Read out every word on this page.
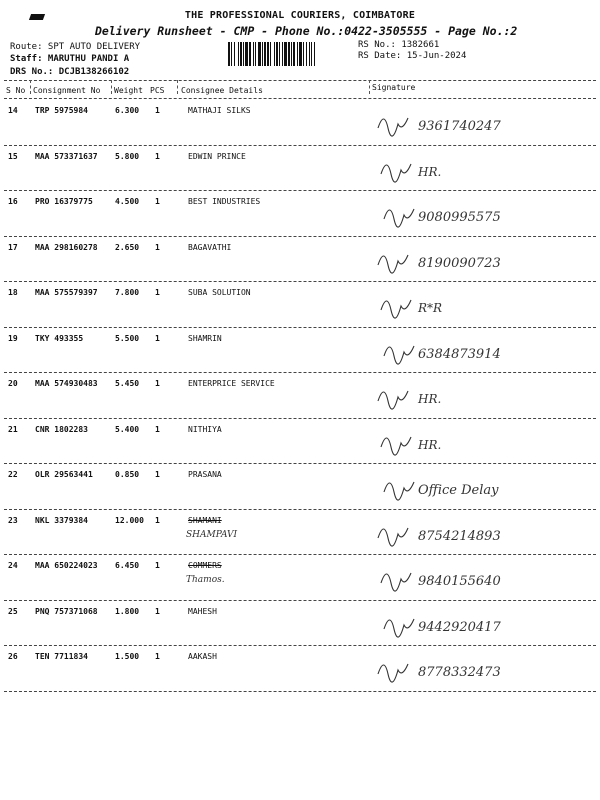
THE PROFESSIONAL COURIERS, COIMBATORE
Delivery Runsheet - CMP - Phone No.:0422-3505555 - Page No.:2
Route: SPT AUTO DELIVERY
Staff: MARUTHU PANDI A
DRS No.: DCJB138266102
RS No.: 1382661
RS Date: 15-Jun-2024
S No Consignment No Weight PCS Consignee Details	Signature
14 TRP 5975984	6.300 1	MATHAJI SILKS
9361740247
15 MAA 573371637 5.800 1	EDWIN PRINCE
HR.
16 PRO 16379775	4.500 1	BEST INDUSTRIES
9080995575
17 MAA 298160278 2.650 1	BAGAVATHI
8190090723
18 MAA 575579397 7.800 1	SUBA SOLUTION
R*R
19 TKY 493355	5.500 1	SHAMRIN
6384873914
20 MAA 574930483 5.450 1	ENTERPRICE SERVICE
HR.
21 CNR 1802283	5.400 1	NITHIYA
HR.
22 OLR 29563441	0.850 1	PRASANA
Office Delay
23 NKL 3379384	12.000 1	SHAMANI
SHAMPAVI	8754214893
24 MAA 650224023 6.450 1	COMMERS
Thamos.	9840155640
25 PNQ 757371068 1.800 1	MAHESH
9442920417
26 TEN 7711834	1.500 1	AAKASH
8778332473
